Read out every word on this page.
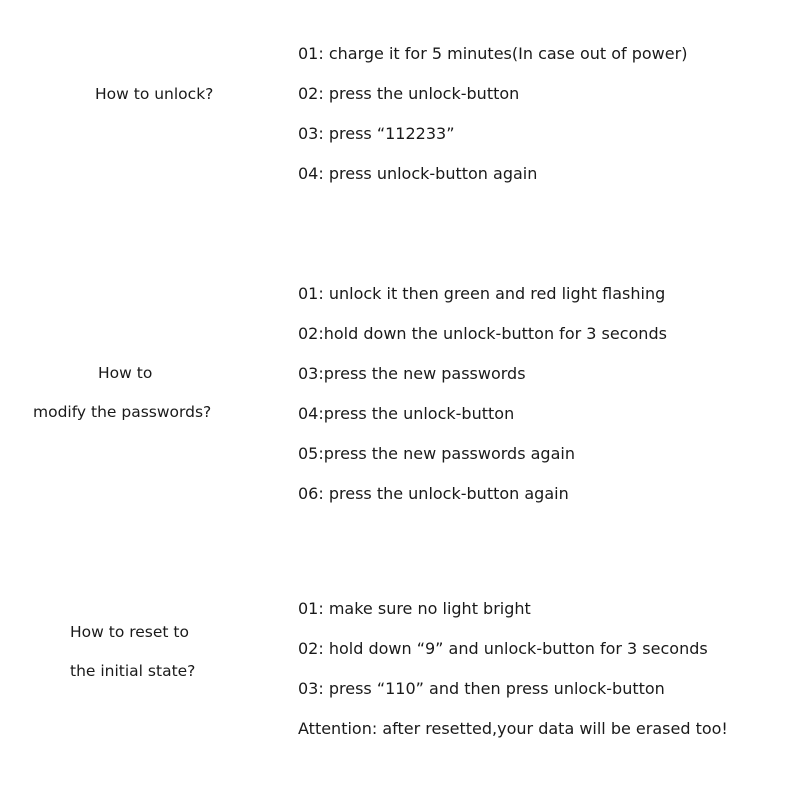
How to unlock?
01: charge it for 5 minutes(In case out of power)
02: press the unlock-button
03: press “112233”
04: press unlock-button again
How to
modify the passwords?
01: unlock it then green and red light flashing
02:hold down the unlock-button for 3 seconds
03:press the new passwords
04:press the unlock-button
05:press the new passwords again
06: press the unlock-button again
How to reset to
the initial state?
01: make sure no light bright
02: hold down “9” and unlock-button for 3 seconds
03: press “110” and then press unlock-button
Attention: after resetted,your data will be erased too!
